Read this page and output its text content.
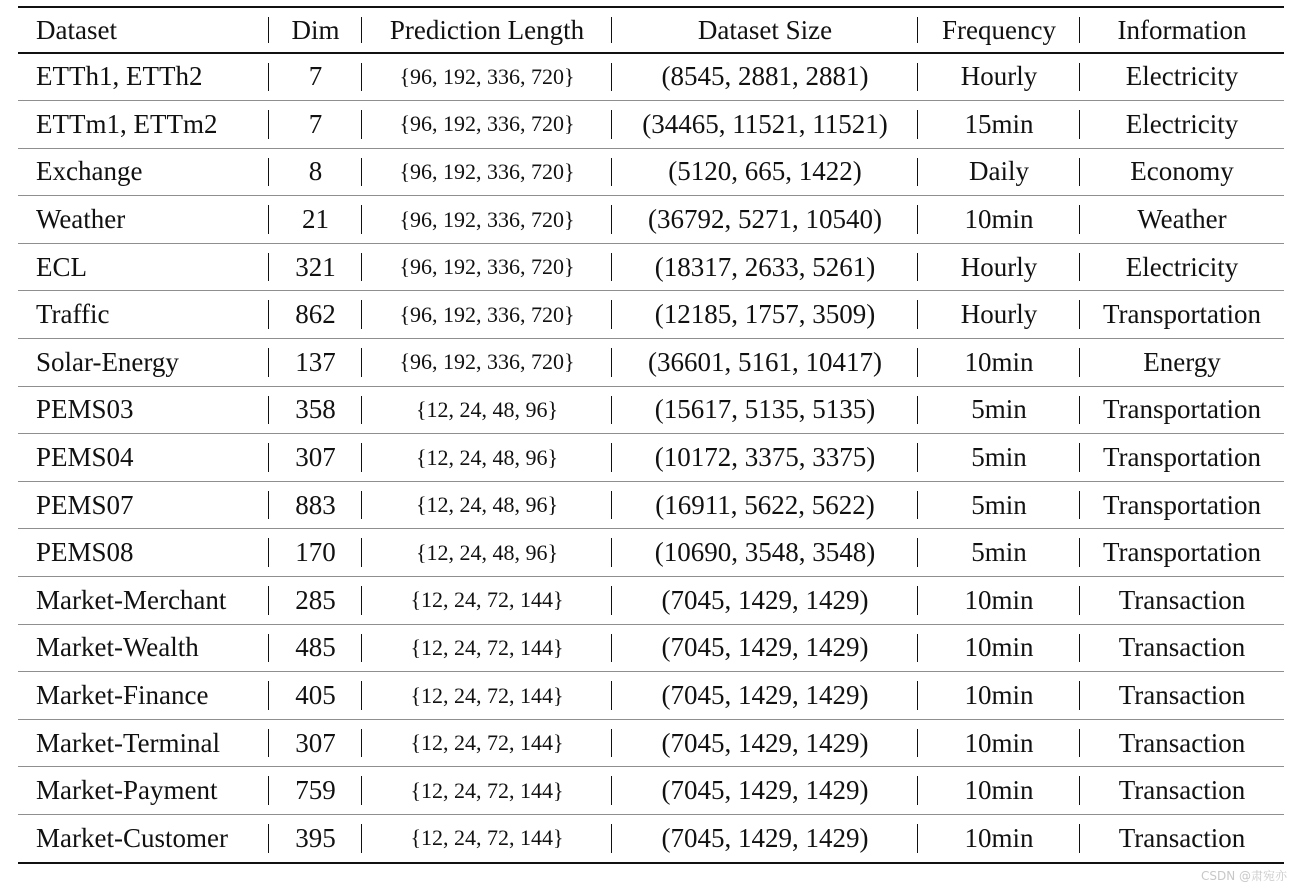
Dataset	Dim	Prediction Length	Dataset Size	Frequency	Information
ETTh1, ETTh2	7	{96, 192, 336, 720}	(8545, 2881, 2881)	Hourly	Electricity
ETTm1, ETTm2	7	{96, 192, 336, 720}	(34465, 11521, 11521)	15min	Electricity
Exchange	8	{96, 192, 336, 720}	(5120, 665, 1422)	Daily	Economy
Weather	21	{96, 192, 336, 720}	(36792, 5271, 10540)	10min	Weather
ECL	321	{96, 192, 336, 720}	(18317, 2633, 5261)	Hourly	Electricity
Traffic	862	{96, 192, 336, 720}	(12185, 1757, 3509)	Hourly	Transportation
Solar-Energy	137	{96, 192, 336, 720}	(36601, 5161, 10417)	10min	Energy
PEMS03	358	{12, 24, 48, 96}	(15617, 5135, 5135)	5min	Transportation
PEMS04	307	{12, 24, 48, 96}	(10172, 3375, 3375)	5min	Transportation
PEMS07	883	{12, 24, 48, 96}	(16911, 5622, 5622)	5min	Transportation
PEMS08	170	{12, 24, 48, 96}	(10690, 3548, 3548)	5min	Transportation
Market-Merchant	285	{12, 24, 72, 144}	(7045, 1429, 1429)	10min	Transaction
Market-Wealth	485	{12, 24, 72, 144}	(7045, 1429, 1429)	10min	Transaction
Market-Finance	405	{12, 24, 72, 144}	(7045, 1429, 1429)	10min	Transaction
Market-Terminal	307	{12, 24, 72, 144}	(7045, 1429, 1429)	10min	Transaction
Market-Payment	759	{12, 24, 72, 144}	(7045, 1429, 1429)	10min	Transaction
Market-Customer	395	{12, 24, 72, 144}	(7045, 1429, 1429)	10min	Transaction
CSDN @肃宛亦
